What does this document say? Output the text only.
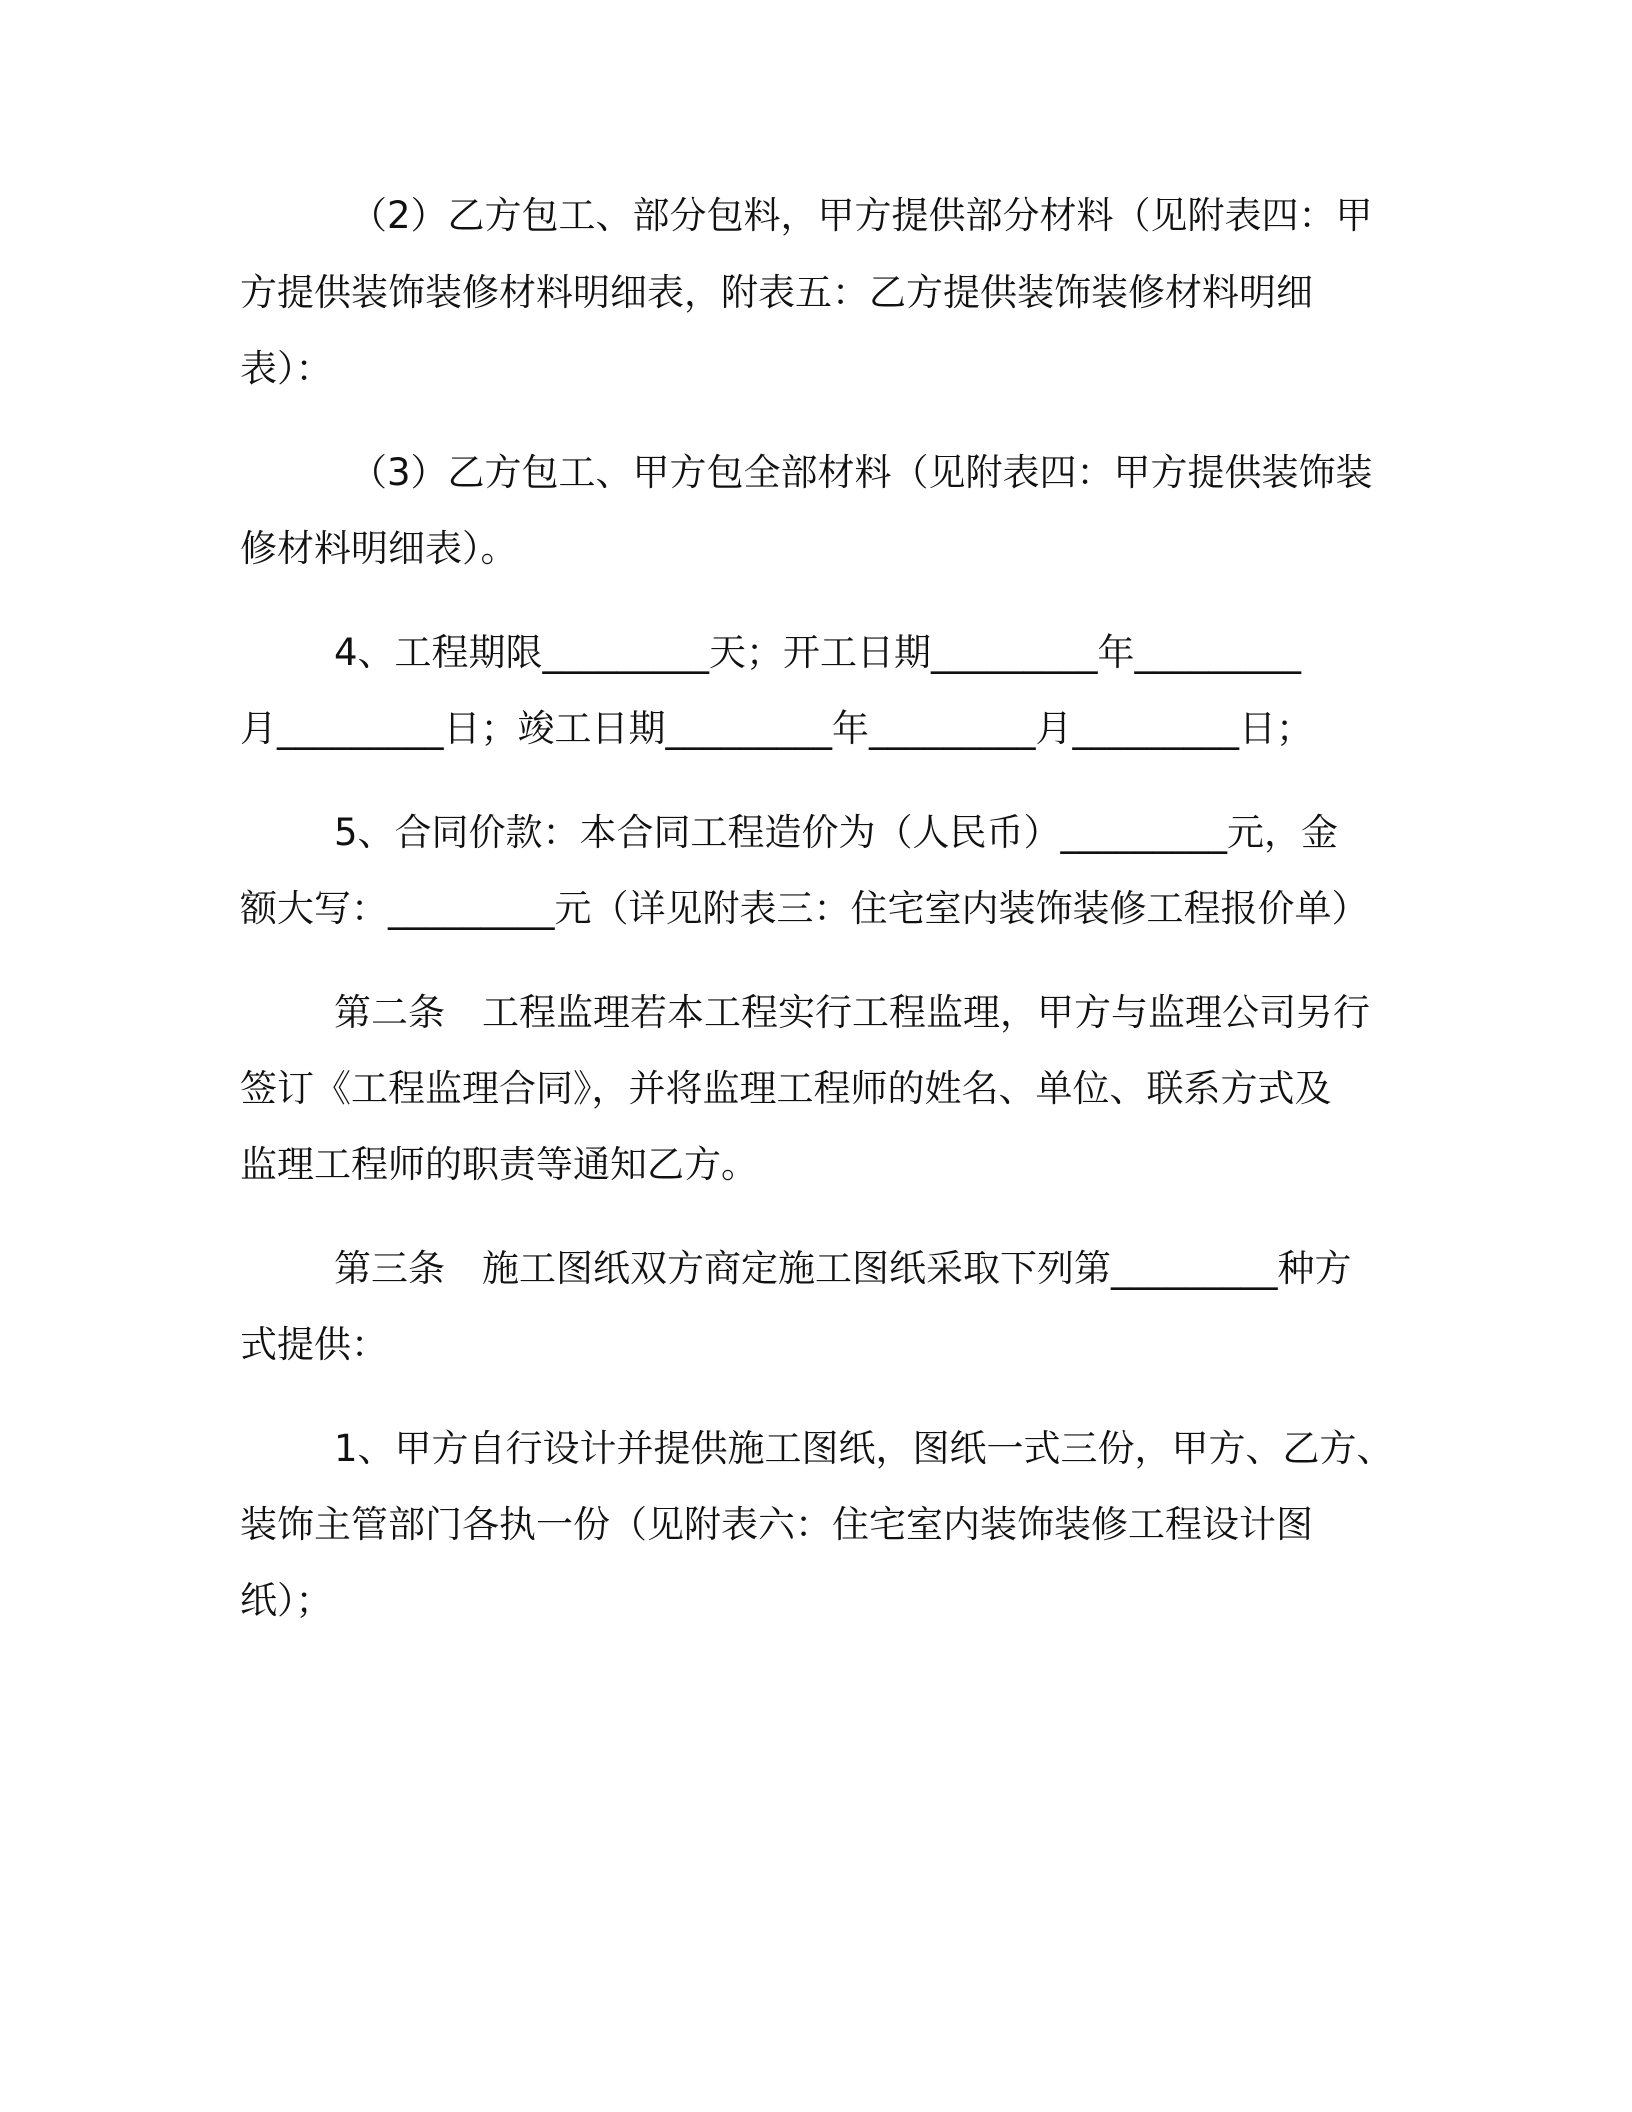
（2）乙方包工、部分包料，甲方提供部分材料（见附表四：甲
方提供装饰装修材料明细表，附表五：乙方提供装饰装修材料明细
表）：
（3）乙方包工、甲方包全部材料（见附表四：甲方提供装饰装
修材料明细表）。
4、工程期限_________天；开工日期_________年_________
月_________日；竣工日期_________年_________月_________日；
5、合同价款：本合同工程造价为（人民币）_________元，金
额大写：_________元（详见附表三：住宅室内装饰装修工程报价单）
第二条　工程监理若本工程实行工程监理，甲方与监理公司另行
签订《工程监理合同》，并将监理工程师的姓名、单位、联系方式及
监理工程师的职责等通知乙方。
第三条　施工图纸双方商定施工图纸采取下列第_________种方
式提供：
1、甲方自行设计并提供施工图纸，图纸一式三份，甲方、乙方、
装饰主管部门各执一份（见附表六：住宅室内装饰装修工程设计图
纸）；
